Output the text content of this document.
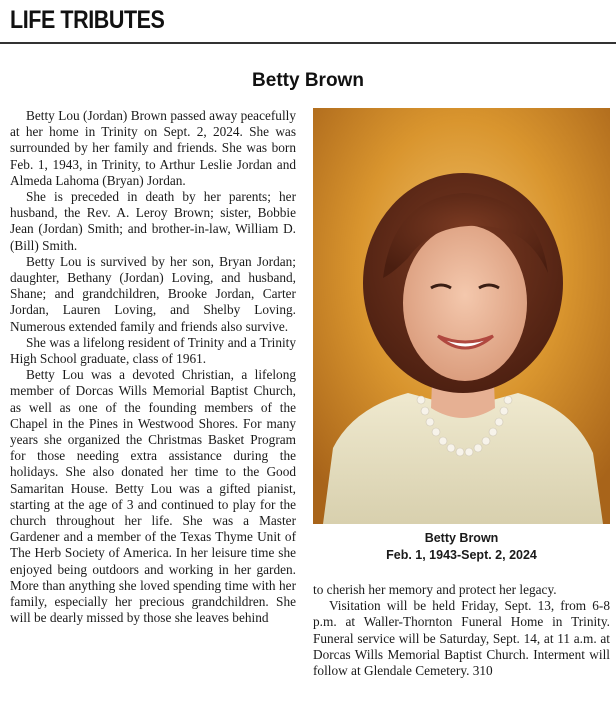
LIFE TRIBUTES
Betty Brown

Betty Lou (Jordan) Brown passed away peacefully at her home in Trinity on Sept. 2, 2024. She was surrounded by her family and friends. She was born Feb. 1, 1943, in Trinity, to Arthur Leslie Jordan and Almeda Lahoma (Bryan) Jordan.

She is preceded in death by her parents; her husband, the Rev. A. Leroy Brown; sister, Bobbie Jean (Jordan) Smith; and brother-in-law, William D. (Bill) Smith.

Betty Lou is survived by her son, Bryan Jordan; daughter, Bethany (Jordan) Loving, and husband, Shane; and grandchildren, Brooke Jordan, Carter Jordan, Lauren Loving, and Shelby Loving. Numerous extended family and friends also survive.

She was a lifelong resident of Trinity and a Trinity High School graduate, class of 1961.

Betty Lou was a devoted Christian, a lifelong member of Dorcas Wills Memorial Baptist Church, as well as one of the founding members of the Chapel in the Pines in Westwood Shores. For many years she organized the Christmas Basket Program for those needing extra assistance during the holidays. She also donated her time to the Good Samaritan House. Betty Lou was a gifted pianist, starting at the age of 3 and continued to play for the church throughout her life. She was a Master Gardener and a member of the Texas Thyme Unit of The Herb Society of America. In her leisure time she enjoyed being outdoors and working in her garden. More than anything she loved spending time with her family, especially her precious grandchildren. She will be dearly missed by those she leaves behind

Betty Brown
Feb. 1, 1943-Sept. 2, 2024

to cherish her memory and protect her legacy.

Visitation will be held Friday, Sept. 13, from 6-8 p.m. at Waller-Thornton Funeral Home in Trinity. Funeral service will be Saturday, Sept. 14, at 11 a.m. at Dorcas Wills Memorial Baptist Church. Interment will follow at Glendale Cemetery. 310
